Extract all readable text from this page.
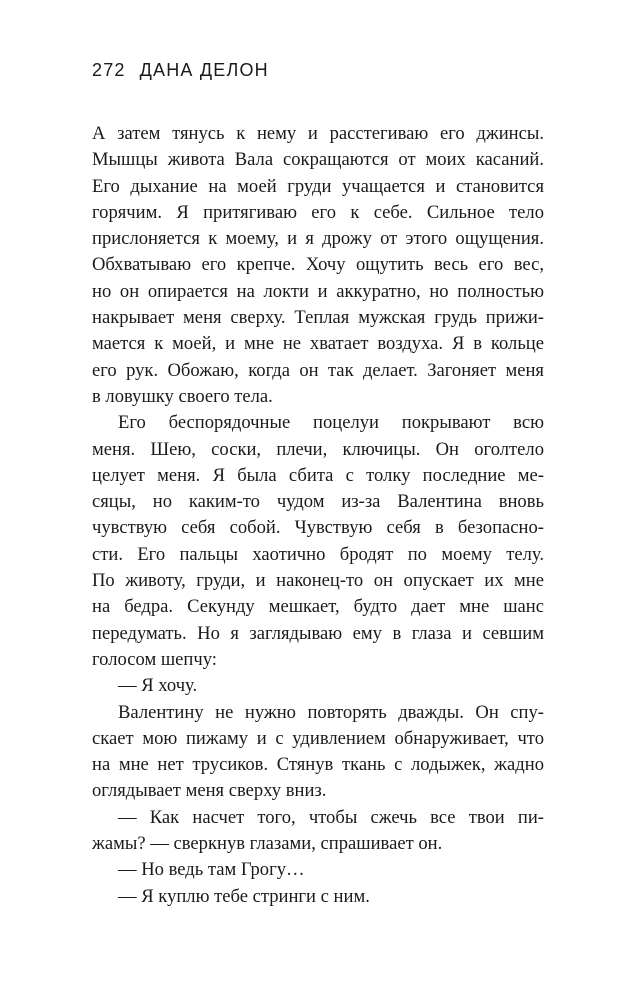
272 ДАНА ДЕЛОН
А затем тянусь к нему и расстегиваю его джинсы.
Мышцы живота Вала сокращаются от моих касаний.
Его дыхание на моей груди учащается и становится
горячим. Я притягиваю его к себе. Сильное тело
прислоняется к моему, и я дрожу от этого ощущения.
Обхватываю его крепче. Хочу ощутить весь его вес,
но он опирается на локти и аккуратно, но полностью
накрывает меня сверху. Теплая мужская грудь прижи-
мается к моей, и мне не хватает воздуха. Я в кольце
его рук. Обожаю, когда он так делает. Загоняет меня
в ловушку своего тела.
Его беспорядочные поцелуи покрывают всю
меня. Шею, соски, плечи, ключицы. Он оголтело
целует меня. Я была сбита с толку последние ме-
сяцы, но каким-то чудом из-за Валентина вновь
чувствую себя собой. Чувствую себя в безопасно-
сти. Его пальцы хаотично бродят по моему телу.
По животу, груди, и наконец-то он опускает их мне
на бедра. Секунду мешкает, будто дает мне шанс
передумать. Но я заглядываю ему в глаза и севшим
голосом шепчу:
— Я хочу.
Валентину не нужно повторять дважды. Он спу-
скает мою пижаму и с удивлением обнаруживает, что
на мне нет трусиков. Стянув ткань с лодыжек, жадно
оглядывает меня сверху вниз.
— Как насчет того, чтобы сжечь все твои пи-
жамы? — сверкнув глазами, спрашивает он.
— Но ведь там Грогу…
— Я куплю тебе стринги с ним.
